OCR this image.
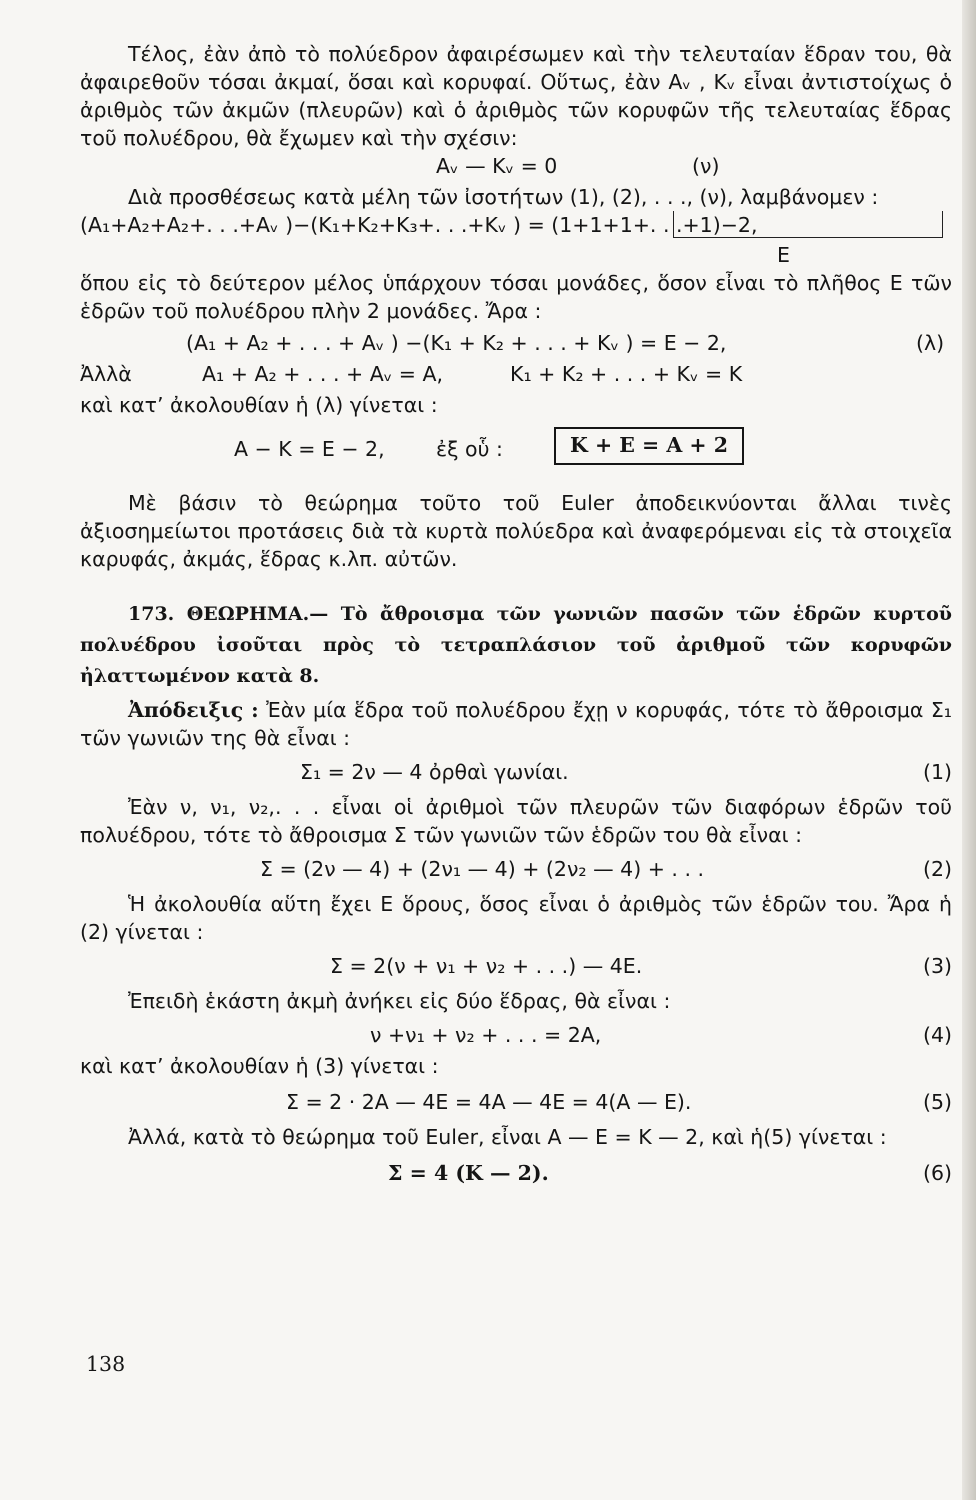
Τέλος, ἐὰν ἀπὸ τὸ πολύεδρον ἀφαιρέσωμεν καὶ τὴν τελευταίαν ἕδραν του, θὰ ἀφαιρεθοῦν τόσαι ἀκμαί, ὅσαι καὶ κορυφαί. Οὕτως, ἐὰν Αᵥ , Κᵥ εἶναι ἀντιστοίχως ὁ ἀριθμὸς τῶν ἀκμῶν (πλευρῶν) καὶ ὁ ἀριθμὸς τῶν κορυφῶν τῆς τελευταίας ἕδρας τοῦ πολυέδρου, θὰ ἔχωμεν καὶ τὴν σχέσιν:

Αᵥ — Κᵥ = 0	(ν)

Διὰ προσθέσεως κατὰ μέλη τῶν ἰσοτήτων (1), (2), . . ., (ν), λαμβάνομεν :

(Α₁+Α₂+Α₂+. . .+Αᵥ )−(Κ₁+Κ₂+Κ₃+. . .+Κᵥ ) = (1+1+1+. . .+1)−2,
Ε

ὅπου εἰς τὸ δεύτερον μέλος ὑπάρχουν τόσαι μονάδες, ὅσον εἶναι τὸ πλῆθος Ε τῶν ἑδρῶν τοῦ πολυέδρου πλὴν 2 μονάδες. Ἄρα :

(Α₁ + Α₂ + . . . + Αᵥ ) −(Κ₁ + Κ₂ + . . . + Κᵥ ) = Ε − 2,	(λ)
Ἀλλὰ	Α₁ + Α₂ + . . . + Αᵥ = Α,	Κ₁ + Κ₂ + . . . + Κᵥ = Κ

καὶ κατ’ ἀκολουθίαν ἡ (λ) γίνεται :

Α − Κ = Ε − 2,	ἐξ οὗ :	Κ + Ε = Α + 2

Μὲ βάσιν τὸ θεώρημα τοῦτο τοῦ Euler ἀποδεικνύονται ἄλλαι τινὲς ἀξιοσημείωτοι προτάσεις διὰ τὰ κυρτὰ πολύεδρα καὶ ἀναφερόμεναι εἰς τὰ στοιχεῖα καρυφάς, ἀκμάς, ἕδρας κ.λπ. αὐτῶν.

173. ΘΕΩΡΗΜΑ.— Τὸ ἄθροισμα τῶν γωνιῶν πασῶν τῶν ἑδρῶν κυρτοῦ πολυέδρου ἰσοῦται πρὸς τὸ τετραπλάσιον τοῦ ἀριθμοῦ τῶν κορυφῶν ἠλαττωμένον κατὰ 8.

Ἀπόδειξις : Ἐὰν μία ἕδρα τοῦ πολυέδρου ἔχῃ ν κορυφάς, τότε τὸ ἄθροισμα Σ₁ τῶν γωνιῶν της θὰ εἶναι :

Σ₁ = 2ν — 4 ὀρθαὶ γωνίαι.	(1)

Ἐὰν ν, ν₁, ν₂,. . . εἶναι οἱ ἀριθμοὶ τῶν πλευρῶν τῶν διαφόρων ἑδρῶν τοῦ πολυέδρου, τότε τὸ ἄθροισμα Σ τῶν γωνιῶν τῶν ἑδρῶν του θὰ εἶναι :

Σ = (2ν — 4) + (2ν₁ — 4) + (2ν₂ — 4) + . . .	(2)

Ἡ ἀκολουθία αὕτη ἔχει Ε ὅρους, ὅσος εἶναι ὁ ἀριθμὸς τῶν ἑδρῶν του. Ἄρα ἡ (2) γίνεται :

Σ = 2(ν + ν₁ + ν₂ + . . .) — 4Ε.	(3)

Ἐπειδὴ ἑκάστη ἀκμὴ ἀνήκει εἰς δύο ἕδρας, θὰ εἶναι :

ν +ν₁ + ν₂ + . . . = 2Α,	(4)

καὶ κατ’ ἀκολουθίαν ἡ (3) γίνεται :

Σ = 2 · 2Α — 4Ε = 4Α — 4Ε = 4(Α — Ε).	(5)

Ἀλλά, κατὰ τὸ θεώρημα τοῦ Euler, εἶναι Α — Ε = Κ — 2, καὶ ἡ(5) γίνεται :

Σ = 4 (Κ — 2).	(6)
138
